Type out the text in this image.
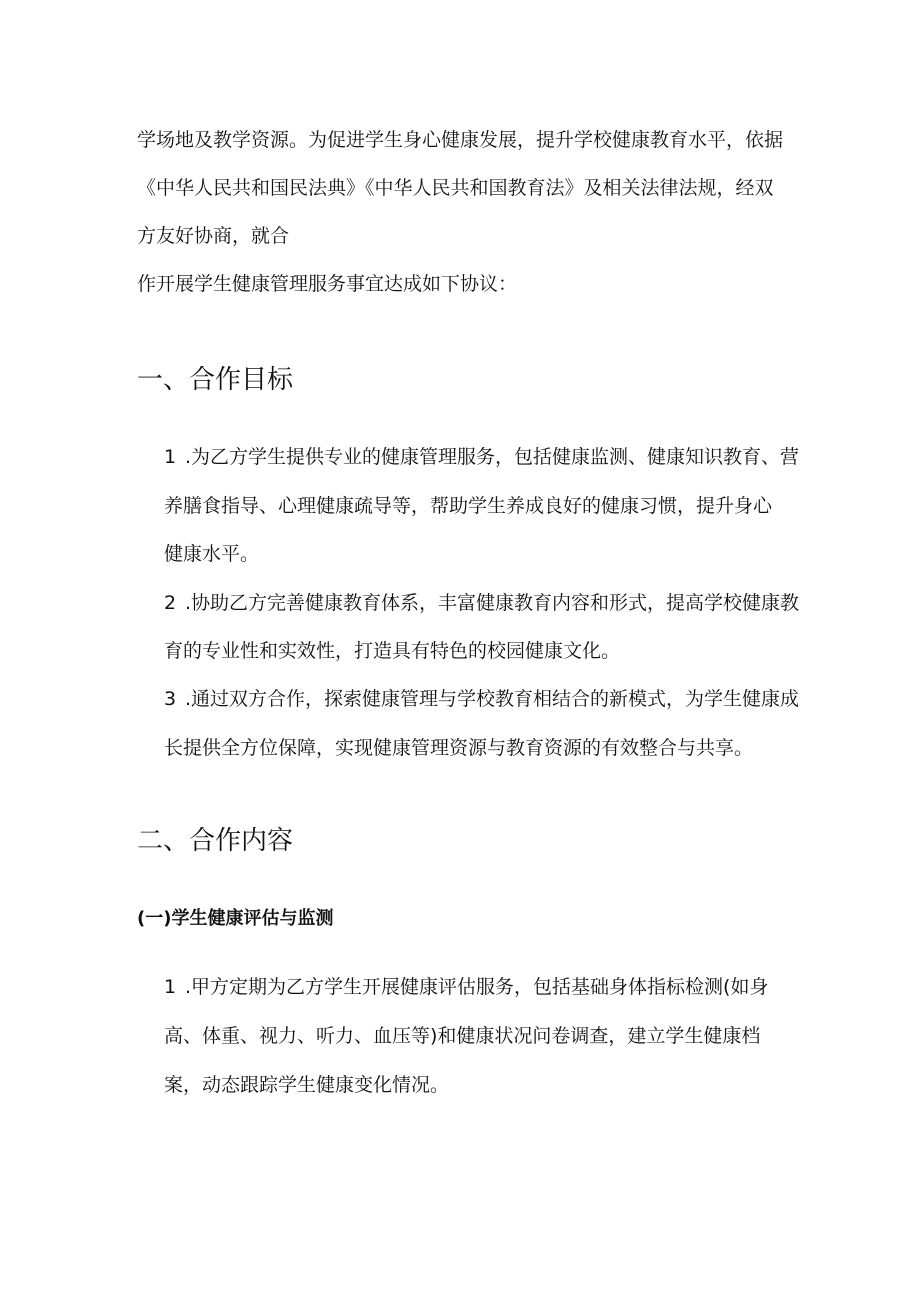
学场地及教学资源。为促进学生身心健康发展，提升学校健康教育水平，依据
《中华人民共和国民法典》《中华人民共和国教育法》及相关法律法规，经双
方友好协商，就合
作开展学生健康管理服务事宜达成如下协议：
一、合作目标
1 .为乙方学生提供专业的健康管理服务，包括健康监测、健康知识教育、营
养膳食指导、心理健康疏导等，帮助学生养成良好的健康习惯，提升身心
健康水平。
2 .协助乙方完善健康教育体系，丰富健康教育内容和形式，提高学校健康教
育的专业性和实效性，打造具有特色的校园健康文化。
3 .通过双方合作，探索健康管理与学校教育相结合的新模式，为学生健康成
长提供全方位保障，实现健康管理资源与教育资源的有效整合与共享。
二、合作内容
(一)学生健康评估与监测
1 .甲方定期为乙方学生开展健康评估服务，包括基础身体指标检测(如身
高、体重、视力、听力、血压等)和健康状况问卷调查，建立学生健康档
案，动态跟踪学生健康变化情况。
